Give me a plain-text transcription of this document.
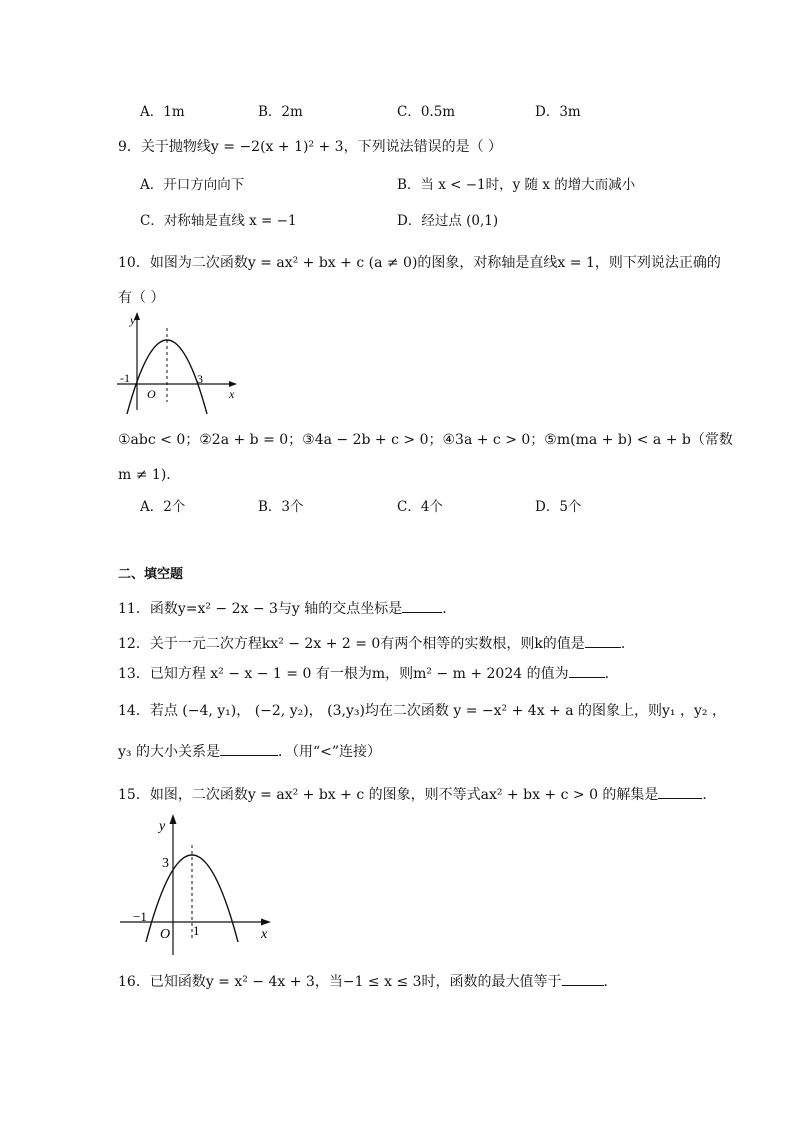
A．1m	B．2m	C．0.5m	D．3m
9．关于抛物线y = −2(x + 1)² + 3，下列说法错误的是（ ）
A．开口方向向下	B．当 x < −1时，y 随 x 的增大而减小
C．对称轴是直线 x = −1	D．经过点 (0,1)
10．如图为二次函数y = ax² + bx + c (a ≠ 0)的图象，对称轴是直线x = 1，则下列说法正确的
有（ ）
y
x
O
-1	3
①abc < 0；②2a + b = 0；③4a − 2b + c > 0；④3a + c > 0；⑤m(ma + b) < a + b（常数
m ≠ 1).
A．2个	B．3个	C．4个	D．5个
二、填空题
11．函数y=x² − 2x − 3与y 轴的交点坐标是	．
12．关于一元二次方程kx² − 2x + 2 = 0有两个相等的实数根，则k的值是	．
13．已知方程 x² − x − 1 = 0 有一根为m，则m² − m + 2024 的值为	．
14．若点 (−4, y₁)， (−2, y₂)， (3,y₃)均在二次函数 y = −x² + 4x + a 的图象上，则y₁ ，y₂ ，
y₃ 的大小关系是	．（用“<”连接）
15．如图，二次函数y = ax² + bx + c 的图象，则不等式ax² + bx + c > 0 的解集是	．
y
x
O
−1
1
3
16．已知函数y = x² − 4x + 3，当−1 ≤ x ≤ 3时，函数的最大值等于	．
